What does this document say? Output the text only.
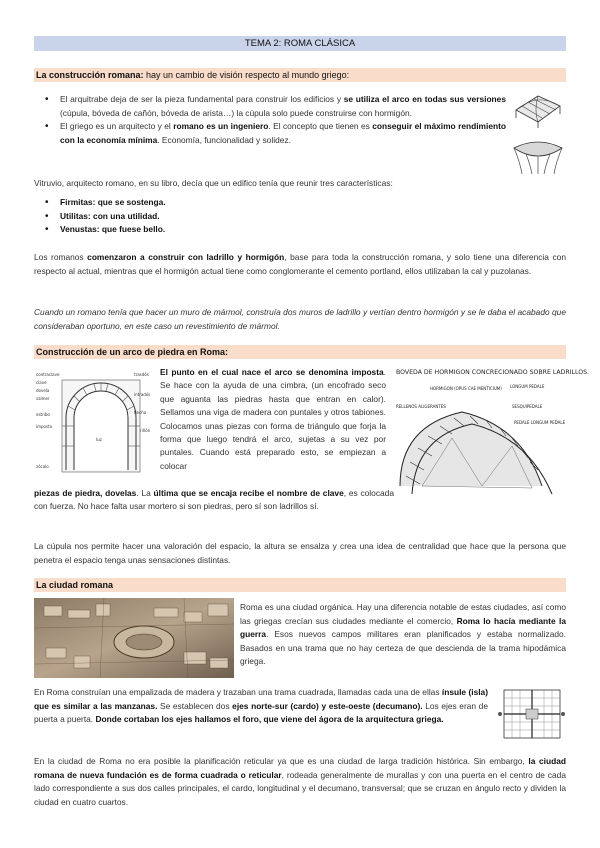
TEMA 2: ROMA CLÁSICA
La construcción romana: hay un cambio de visión respecto al mundo griego:
• El arquitrabe deja de ser la pieza fundamental para construir los edificios y se utiliza el arco en todas sus versiones (cúpula, bóveda de cañón, bóveda de arista…) la cúpula solo puede construirse con hormigón.
• El griego es un arquitecto y el romano es un ingeniero. El concepto que tienen es conseguir el máximo rendimiento con la economía mínima. Economía, funcionalidad y solidez.
Vitruvio, arquitecto romano, en su libro, decía que un edifico tenía que reunir tres características:
• Firmitas: que se sostenga.
• Utilitas: con una utilidad.
• Venustas: que fuese bello.
Los romanos comenzaron a construir con ladrillo y hormigón, base para toda la construcción romana, y solo tiene una diferencia con respecto al actual, mientras que el hormigón actual tiene como conglomerante el cemento portland, ellos utilizaban la cal y puzolanas.
Cuando un romano tenía que hacer un muro de mármol, construía dos muros de ladrillo y vertían dentro hormigón y se le daba el acabado que consideraban oportuno, en este caso un revestimiento de mármol.
Construcción de un arco de piedra en Roma:
contraclave
clave
dovela
salmer
estribo
imposta
trasdós
intradós
luz
flecha
riñón
zócalo
El punto en el cual nace el arco se denomina imposta. Se hace con la ayuda de una cimbra, (un encofrado seco que aguanta las piedras hasta que entran en calor). Sellamos una viga de madera con puntales y otros tabiones. Colocamos unas piezas con forma de triángulo que forja la forma que luego tendrá el arco, sujetas a su vez por puntales. Cuando está preparado esto, se empiezan a colocar
BOVEDA DE HORMIGON CONCRECIONADO SOBRE LADRILLOS.
HORMIGON (OPUS CAE MENTICIUM)
RELLENOS ALIGERANTES
LONGUM PEDALE
SESQUIPEDALE
PEDALE LONGUM PEDALE
piezas de piedra, dovelas. La última que se encaja recibe el nombre de clave, es colocada con fuerza. No hace falta usar mortero si son piedras, pero sí son ladrillos sí.
La cúpula nos permite hacer una valoración del espacio, la altura se ensalza y crea una idea de centralidad que hace que la persona que penetra el espacio tenga unas sensaciones distintas.
La ciudad romana
Roma es una ciudad orgánica. Hay una diferencia notable de estas ciudades, así como las griegas crecían sus ciudades mediante el comercio, Roma lo hacía mediante la guerra. Esos nuevos campos militares eran planificados y estaba normalizado. Basados en una trama que no hay certeza de que descienda de la trama hipodámica griega.
En Roma construían una empalizada de madera y trazaban una trama cuadrada, llamadas cada una de ellas ínsule (isla) que es similar a las manzanas. Se establecen dos ejes norte-sur (cardo) y este-oeste (decumano). Los ejes eran de puerta a puerta. Donde cortaban los ejes hallamos el foro, que viene del ágora de la arquitectura griega.
En la ciudad de Roma no era posible la planificación reticular ya que es una ciudad de larga tradición histórica. Sin embargo, la ciudad romana de nueva fundación es de forma cuadrada o reticular, rodeada generalmente de murallas y con una puerta en el centro de cada lado correspondiente a sus dos calles principales, el cardo, longitudinal y el decumano, transversal; que se cruzan en ángulo recto y dividen la ciudad en cuatro cuartos.
